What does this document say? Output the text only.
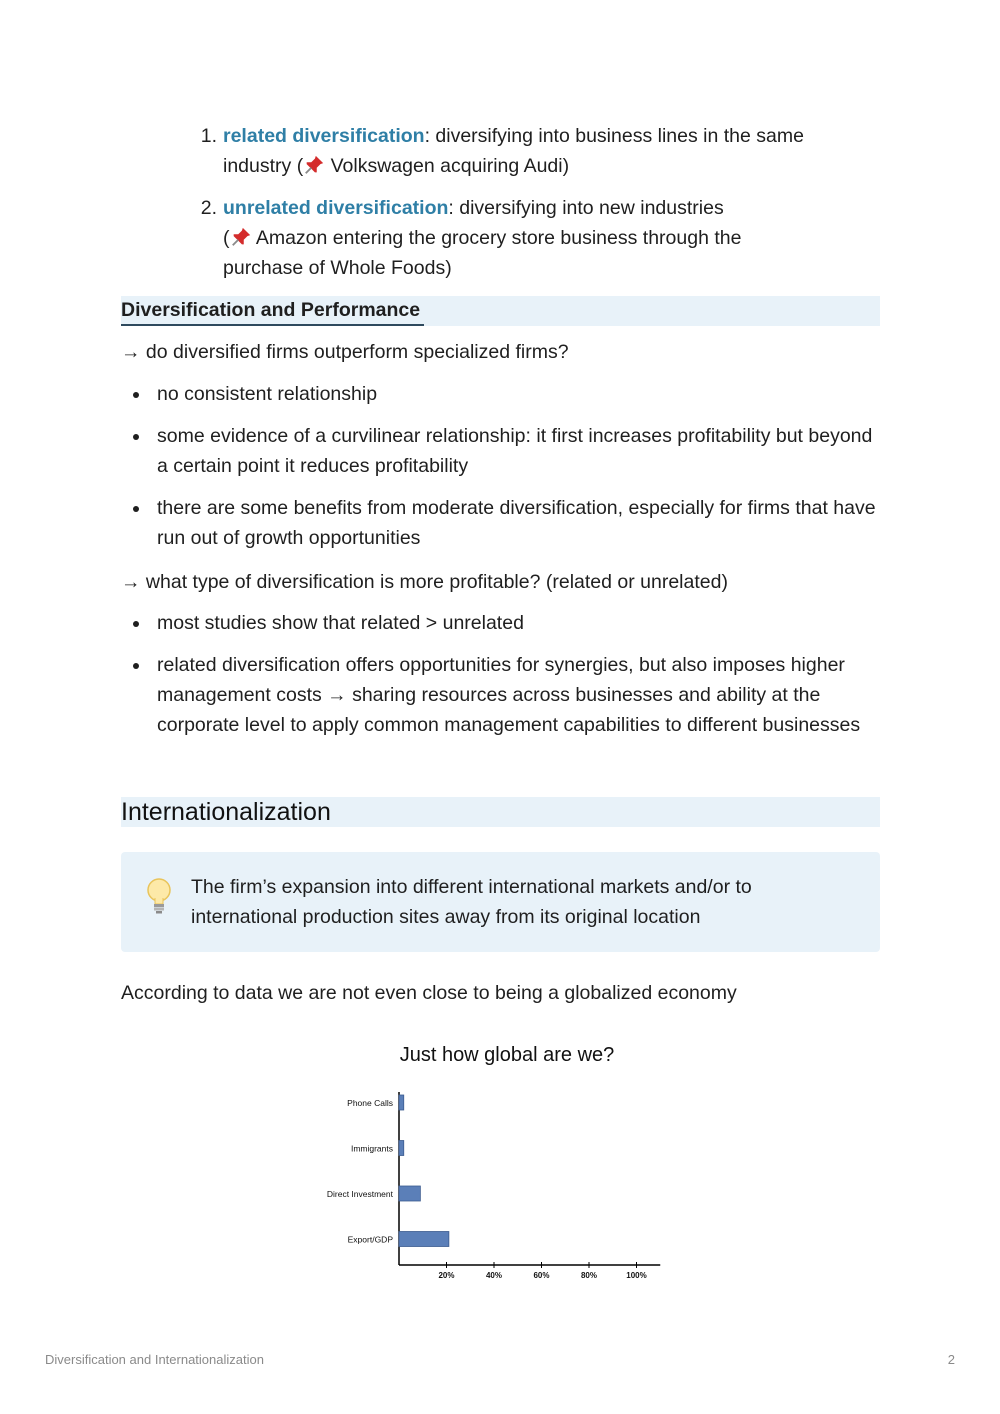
1. related diversification: diversifying into business lines in the same
industry ( Volkswagen acquiring Audi)
2. unrelated diversification: diversifying into new industries
( Amazon entering the grocery store business through the
purchase of Whole Foods)
Diversification and Performance

→ do diversified firms outperform specialized firms?

no consistent relationship
some evidence of a curvilinear relationship: it first increases profitability but beyond a certain point it reduces profitability
there are some benefits from moderate diversification, especially for firms that have run out of growth opportunities

→ what type of diversification is more profitable? (related or unrelated)

most studies show that related > unrelated
related diversification offers opportunities for synergies, but also imposes higher management costs → sharing resources across businesses and ability at the corporate level to apply common management capabilities to different businesses
Internationalization

The firm’s expansion into different international markets and/or to international production sites away from its original location

According to data we are not even close to being a globalized economy

Just how global are we?
Phone Calls
Immigrants
Direct Investment
Export/GDP
20%	40%	60%	80%	100%
Diversification and Internationalization	2
